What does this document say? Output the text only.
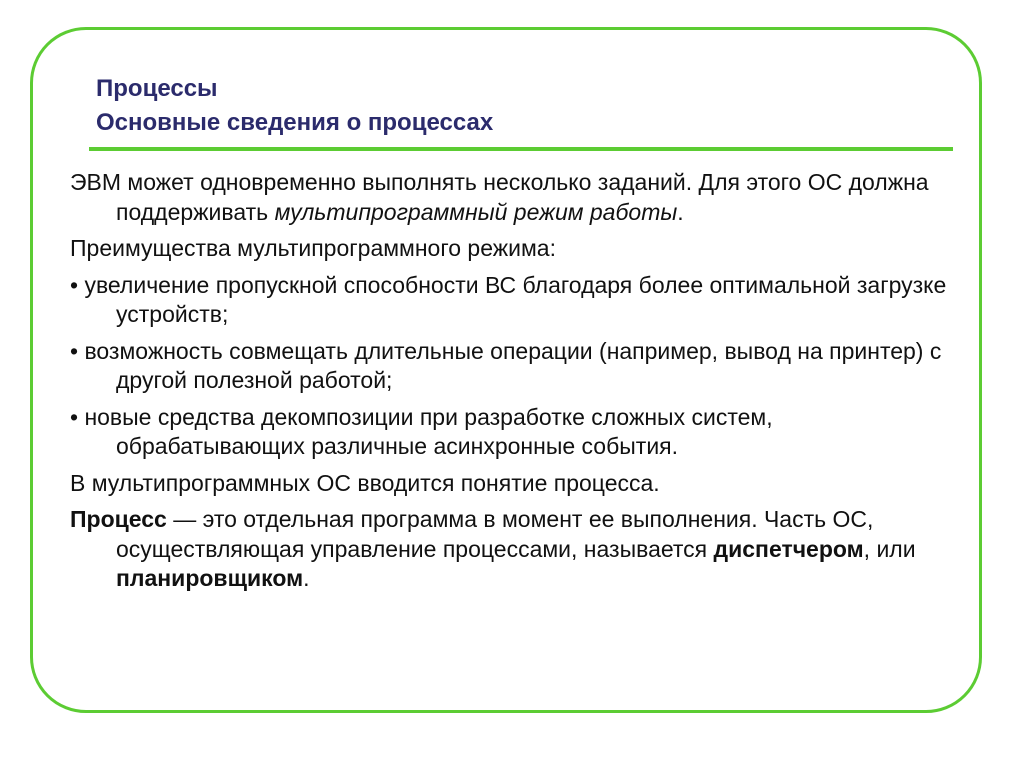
Процессы
Основные сведения о процессах

ЭВМ может одновременно выполнять несколько заданий. Для этого ОС должна поддерживать мультипрограммный режим работы.

Преимущества мультипрограммного режима:

• увеличение пропускной способности ВС благодаря более оптимальной загрузке устройств;

• возможность совмещать длительные операции (например, вывод на принтер) с другой полезной работой;

• новые средства декомпозиции при разработке сложных систем, обрабатывающих различные асинхронные события.

В мультипрограммных ОС вводится понятие процесса.

Процесс — это отдельная программа в момент ее выполнения. Часть ОС, осуществляющая управление процессами, называется диспетчером, или планировщиком.
